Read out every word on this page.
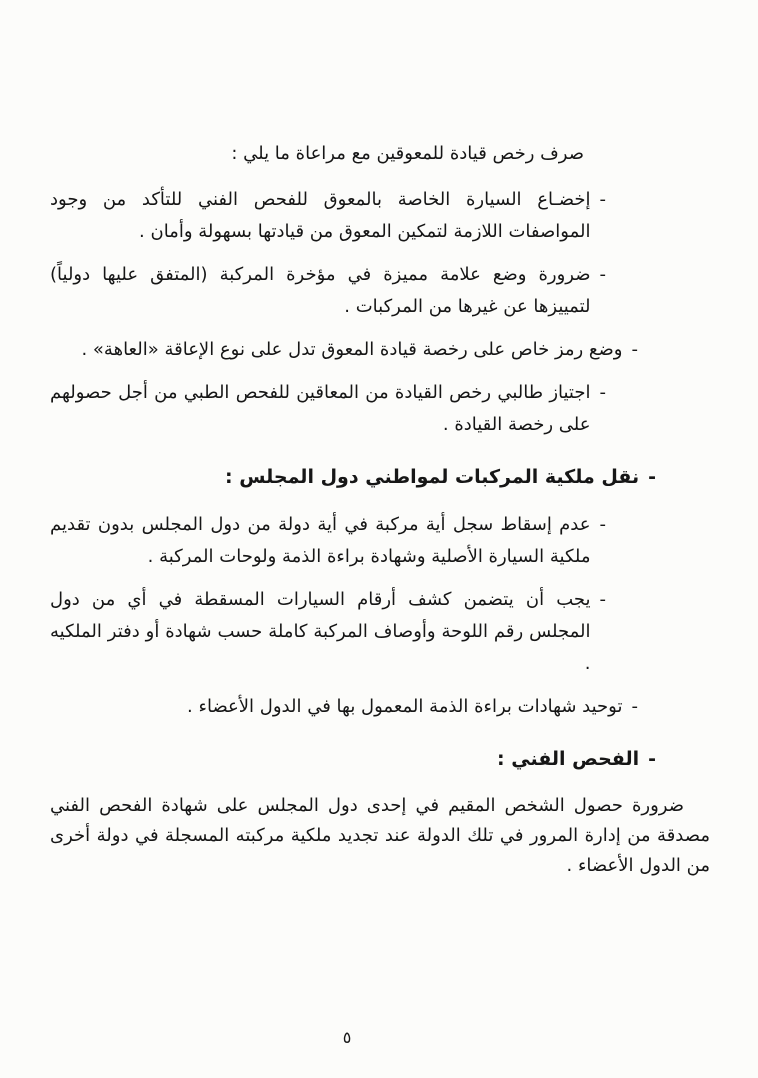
صرف رخص قيادة للمعوقين مع مراعاة ما يلي :

-
إخضـاع السيارة الخاصة بالمعوق للفحص الفني للتأكد من وجود المواصفات اللازمة لتمكين المعوق من قيادتها بسهولة وأمان .
-
ضرورة وضع علامة مميزة في مؤخرة المركبة (المتفق عليها دولياً) لتمييزها عن غيرها من المركبات .
-
وضع رمز خاص على رخصة قيادة المعوق تدل على نوع الإعاقة «العاهة» .
-
اجتياز طالبي رخص القيادة من المعاقين للفحص الطبي من أجل حصولهم على رخصة القيادة .
-
نقل ملكية المركبات لمواطني دول المجلس :
-
عدم إسقاط سجل أية مركبة في أية دولة من دول المجلس بدون تقديم ملكية السيارة الأصلية وشهادة براءة الذمة ولوحات المركبة .
-
يجب أن يتضمن كشف أرقام السيارات المسقطة في أي من دول المجلس رقم اللوحة وأوصاف المركبة كاملة حسب شهادة أو دفتر الملكيه .
-
توحيد شهادات براءة الذمة المعمول بها في الدول الأعضاء .
-
الفحص الفني :

ضرورة حصول الشخص المقيم في إحدى دول المجلس على شهادة الفحص الفني مصدقة من إدارة المرور في تلك الدولة عند تجديد ملكية مركبته المسجلة في دولة أخرى من الدول الأعضاء .

٥
